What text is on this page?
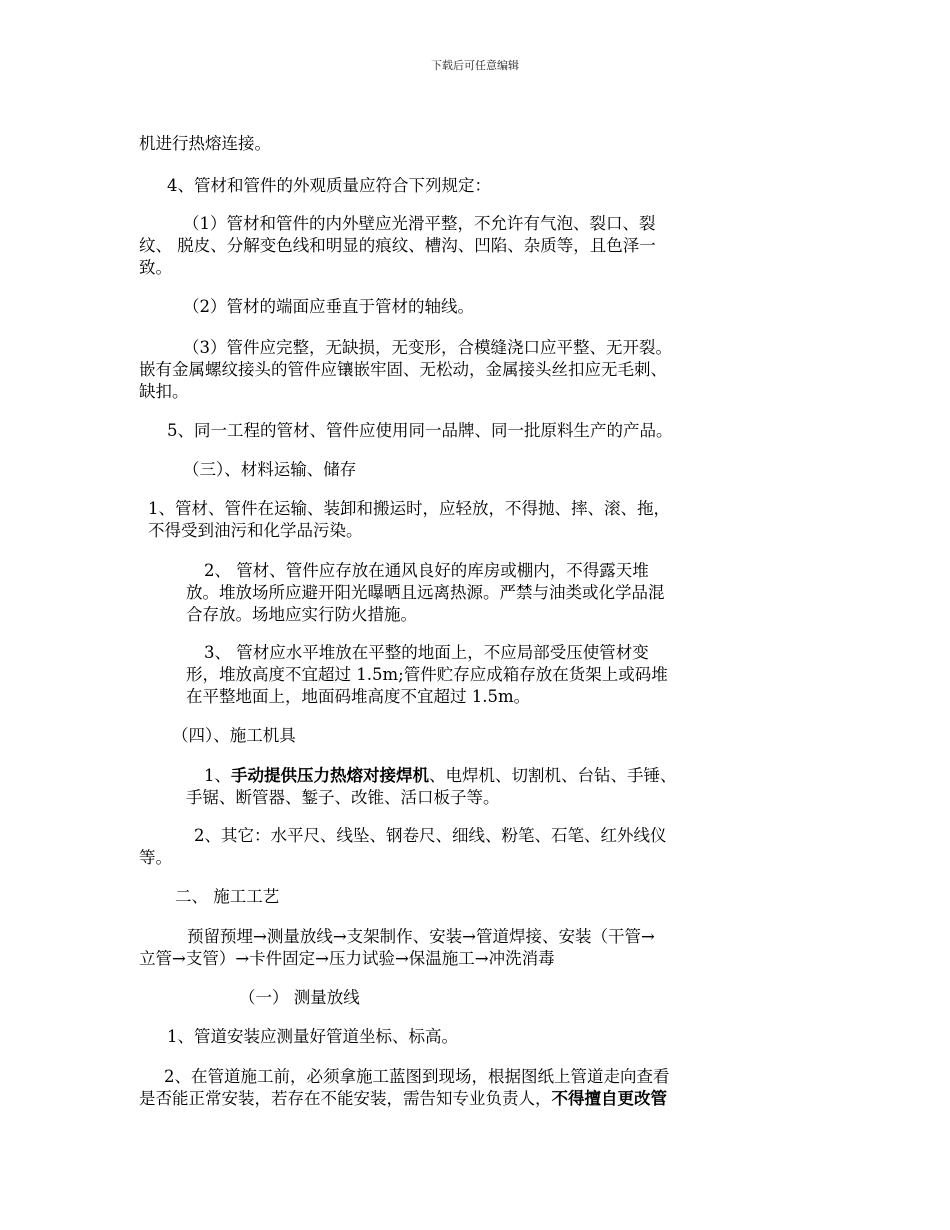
下载后可任意编辑
机进行热熔连接。
4、管材和管件的外观质量应符合下列规定：
（1）管材和管件的内外壁应光滑平整，不允许有气泡、裂口、裂
纹、 脱皮、分解变色线和明显的痕纹、槽沟、凹陷、杂质等，且色泽一
致。
（2）管材的端面应垂直于管材的轴线。
（3）管件应完整，无缺损，无变形，合模缝浇口应平整、无开裂。
嵌有金属螺纹接头的管件应镶嵌牢固、无松动，金属接头丝扣应无毛刺、
缺扣。
5、同一工程的管材、管件应使用同一品牌、同一批原料生产的产品。
（三）、材料运输、储存
1、管材、管件在运输、装卸和搬运时，应轻放，不得抛、摔、滚、拖，
不得受到油污和化学品污染。
2、 管材、管件应存放在通风良好的库房或棚内，不得露天堆
放。堆放场所应避开阳光曝晒且远离热源。严禁与油类或化学品混
合存放。场地应实行防火措施。
3、 管材应水平堆放在平整的地面上，不应局部受压使管材变
形，堆放高度不宜超过 1.5m;管件贮存应成箱存放在货架上或码堆
在平整地面上，地面码堆高度不宜超过 1.5m。
（四）、施工机具
1、手动提供压力热熔对接焊机、电焊机、切割机、台钻、手锤、
手锯、断管器、錾子、改锥、活口板子等。
2、其它：水平尺、线坠、钢卷尺、细线、粉笔、石笔、红外线仪
等。
二、 施工工艺
预留预埋→测量放线→支架制作、安装→管道焊接、安装（干管→
立管→支管）→卡件固定→压力试验→保温施工→冲洗消毒
（一） 测量放线
1、管道安装应测量好管道坐标、标高。
2、在管道施工前，必须拿施工蓝图到现场，根据图纸上管道走向查看
是否能正常安装，若存在不能安装，需告知专业负责人，不得擅自更改管
